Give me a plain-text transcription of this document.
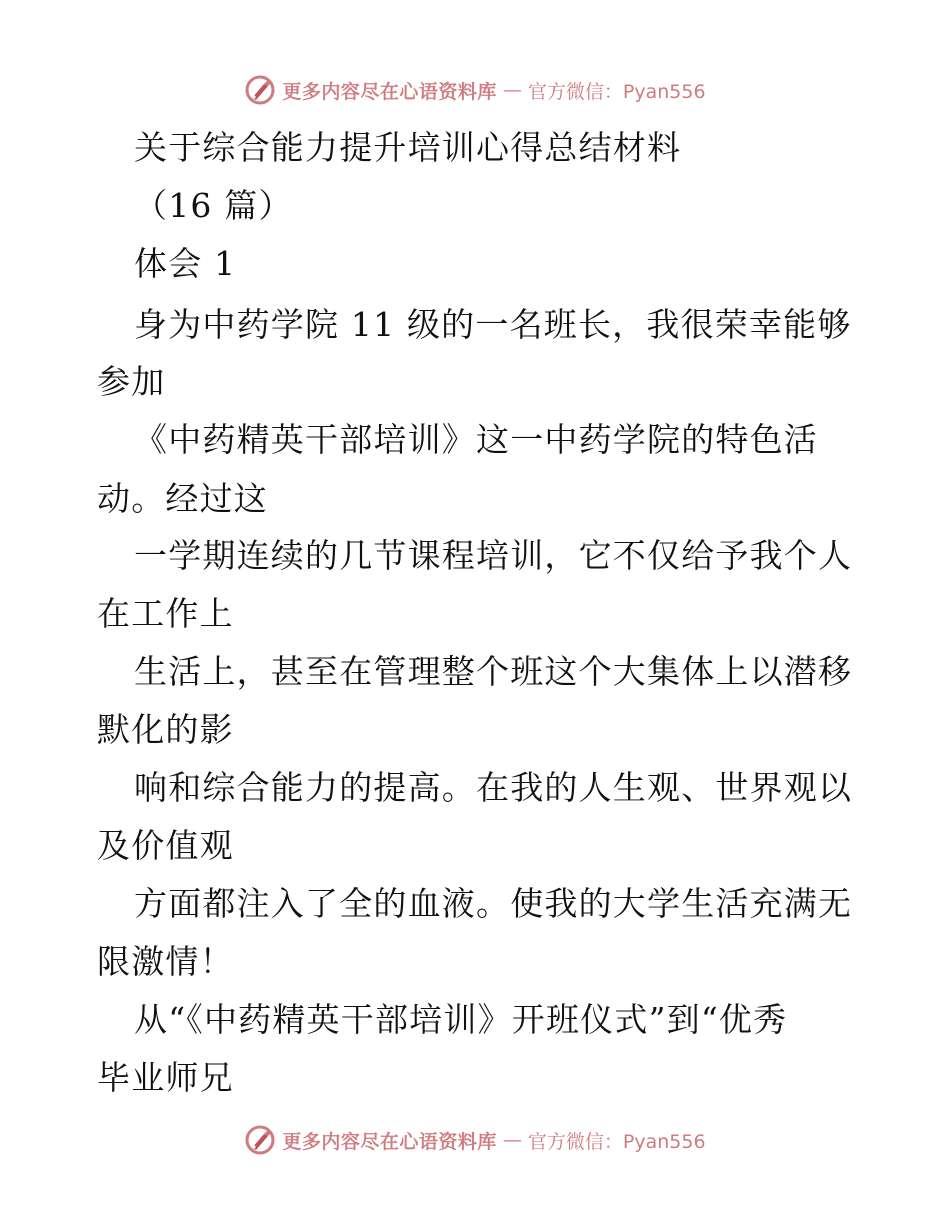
更多内容尽在心语资料库 — 官方微信：Pyan556
关于综合能力提升培训心得总结材料
（16 篇）
体会 1
身为中药学院 11 级的一名班长，我很荣幸能够
参加
《中药精英干部培训》这一中药学院的特色活
动。经过这
一学期连续的几节课程培训，它不仅给予我个人
在工作上
生活上，甚至在管理整个班这个大集体上以潜移
默化的影
响和综合能力的提高。在我的人生观、世界观以
及价值观
方面都注入了全的血液。使我的大学生活充满无
限激情！
从“《中药精英干部培训》开班仪式”到“优秀
毕业师兄
更多内容尽在心语资料库 — 官方微信：Pyan556
